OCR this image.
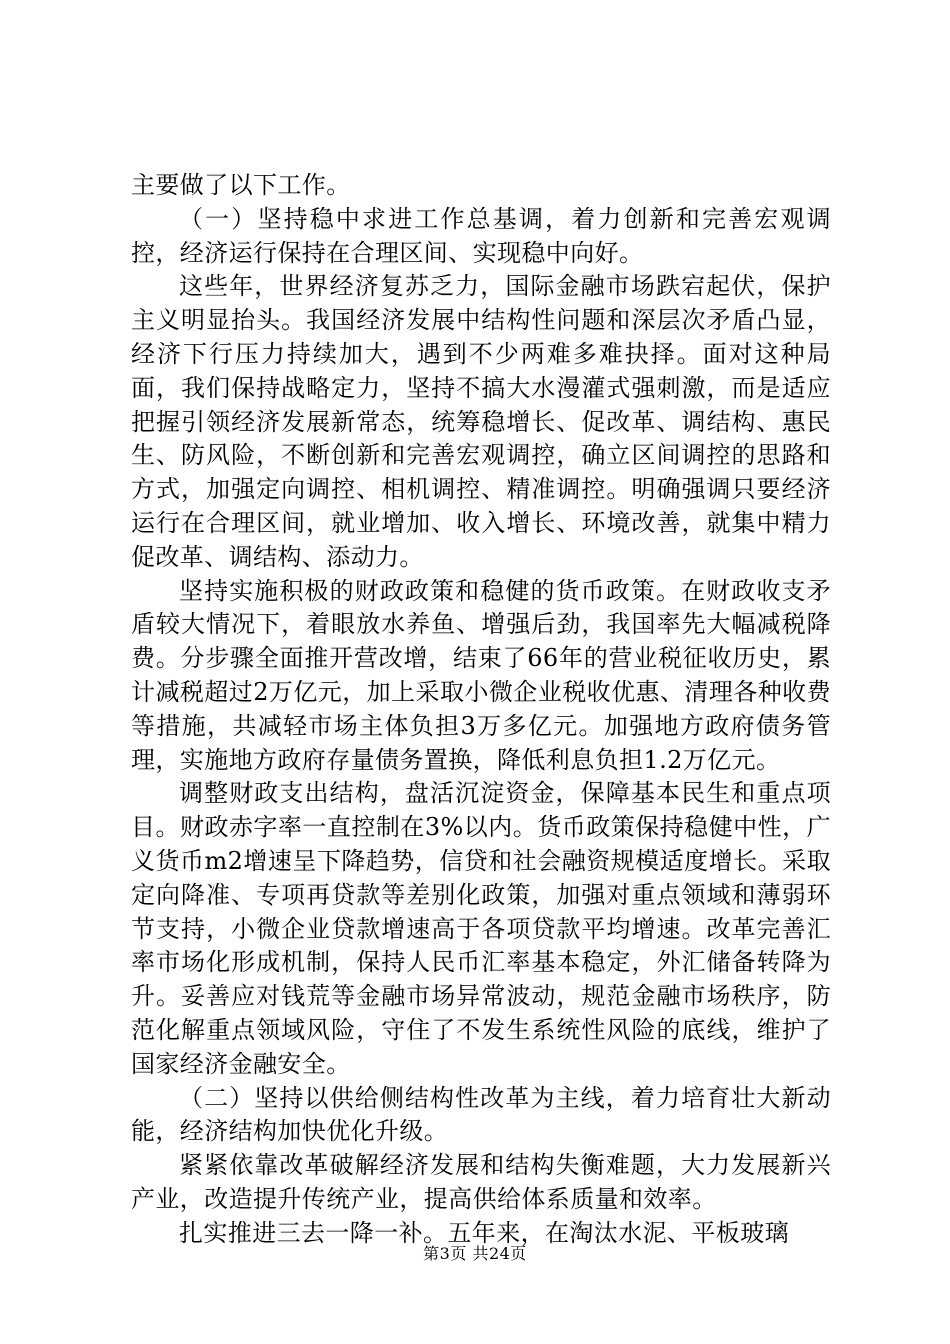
主要做了以下工作。

（一）坚持稳中求进工作总基调，着力创新和完善宏观调控，经济运行保持在合理区间、实现稳中向好。

这些年，世界经济复苏乏力，国际金融市场跌宕起伏，保护主义明显抬头。我国经济发展中结构性问题和深层次矛盾凸显，经济下行压力持续加大，遇到不少两难多难抉择。面对这种局面，我们保持战略定力，坚持不搞大水漫灌式强刺激，而是适应把握引领经济发展新常态，统筹稳增长、促改革、调结构、惠民生、防风险，不断创新和完善宏观调控，确立区间调控的思路和方式，加强定向调控、相机调控、精准调控。明确强调只要经济运行在合理区间，就业增加、收入增长、环境改善，就集中精力促改革、调结构、添动力。

坚持实施积极的财政政策和稳健的货币政策。在财政收支矛盾较大情况下，着眼放水养鱼、增强后劲，我国率先大幅减税降费。分步骤全面推开营改增，结束了66年的营业税征收历史，累计减税超过2万亿元，加上采取小微企业税收优惠、清理各种收费等措施，共减轻市场主体负担3万多亿元。加强地方政府债务管理，实施地方政府存量债务置换，降低利息负担1.2万亿元。

调整财政支出结构，盘活沉淀资金，保障基本民生和重点项目。财政赤字率一直控制在3%以内。货币政策保持稳健中性，广义货币m2增速呈下降趋势，信贷和社会融资规模适度增长。采取定向降准、专项再贷款等差别化政策，加强对重点领域和薄弱环节支持，小微企业贷款增速高于各项贷款平均增速。改革完善汇率市场化形成机制，保持人民币汇率基本稳定，外汇储备转降为升。妥善应对钱荒等金融市场异常波动，规范金融市场秩序，防范化解重点领域风险，守住了不发生系统性风险的底线，维护了国家经济金融安全。

（二）坚持以供给侧结构性改革为主线，着力培育壮大新动能，经济结构加快优化升级。

紧紧依靠改革破解经济发展和结构失衡难题，大力发展新兴产业，改造提升传统产业，提高供给体系质量和效率。

扎实推进三去一降一补。五年来，在淘汰水泥、平板玻璃

第3页 共24页
